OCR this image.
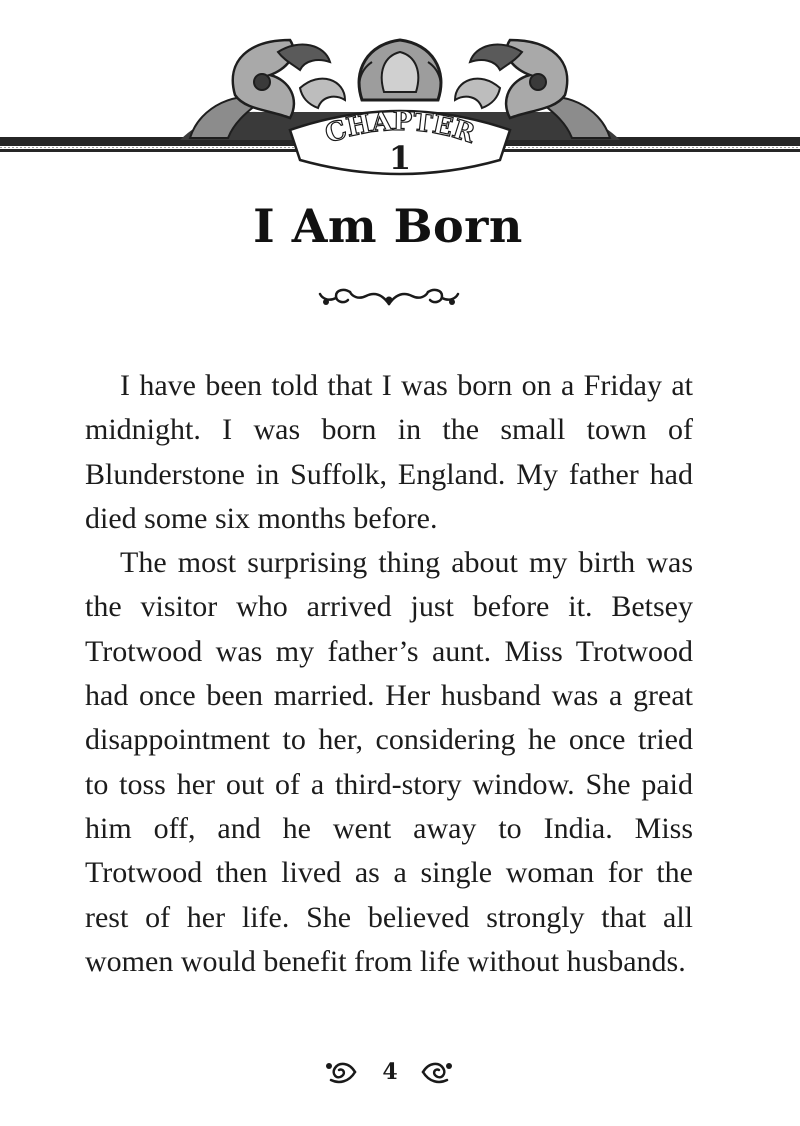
CHAPTER
1
I Am Born

I have been told that I was born on a Friday at midnight. I was born in the small town of Blunderstone in Suffolk, England. My father had died some six months before.

The most surprising thing about my birth was the visitor who arrived just before it. Betsey Trotwood was my father’s aunt. Miss Trotwood had once been married. Her husband was a great disappointment to her, considering he once tried to toss her out of a third-story window. She paid him off, and he went away to India. Miss Trotwood then lived as a single woman for the rest of her life. She believed strongly that all women would benefit from life without husbands.

4
